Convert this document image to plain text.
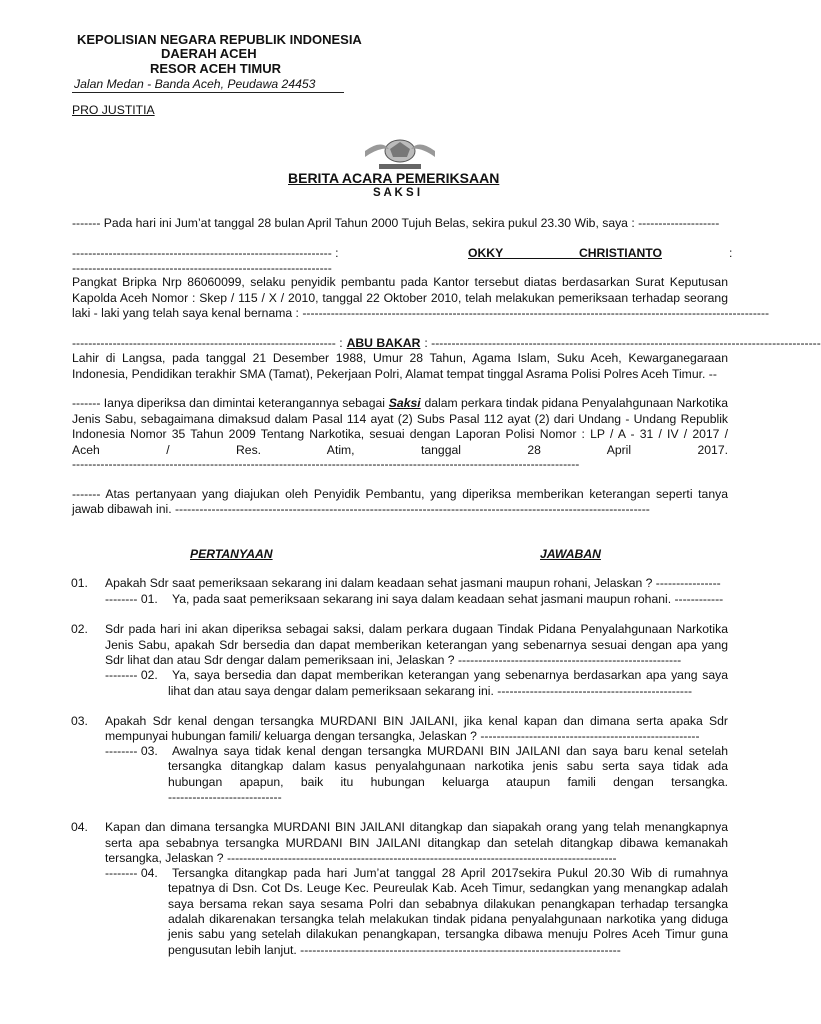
KEPOLISIAN NEGARA REPUBLIK INDONESIA
DAERAH ACEH
RESOR ACEH TIMUR
Jalan Medan - Banda Aceh, Peudawa 24453
PRO JUSTITIA
BERITA ACARA PEMERIKSAAN
S A K S I
------- Pada hari ini Jum’at tanggal 28 bulan April Tahun 2000 Tujuh Belas, sekira pukul 23.30 Wib, saya : --------------------
---------------------------------------------------------------- :	OKKY CHRISTIANTO	:
----------------------------------------------------------------
Pangkat Bripka Nrp 86060099, selaku penyidik pembantu pada Kantor tersebut diatas berdasarkan Surat Keputusan
Kapolda Aceh Nomor : Skep / 115 / X / 2010, tanggal 22 Oktober 2010, telah melakukan pemeriksaan terhadap seorang
laki - laki yang telah saya kenal bernama : -------------------------------------------------------------------------------------------------------------------
----------------------------------------------------------------- : ABU BAKAR : ------------------------------------------------------------------------------------------------
Lahir di Langsa, pada tanggal 21 Desember 1988, Umur 28 Tahun, Agama Islam, Suku Aceh, Kewarganegaraan
Indonesia, Pendidikan terakhir SMA (Tamat), Pekerjaan Polri, Alamat tempat tinggal Asrama Polisi Polres Aceh Timur. --
------- Ianya diperiksa dan dimintai keterangannya sebagai Saksi dalam perkara tindak pidana Penyalahgunaan Narkotika
Jenis Sabu, sebagaimana dimaksud dalam Pasal 114 ayat (2) Subs Pasal 112 ayat (2) dari Undang - Undang Republik
Indonesia Nomor 35 Tahun 2009 Tentang Narkotika, sesuai dengan Laporan Polisi Nomor : LP / A - 31 / IV / 2017 /
Aceh / Res. Atim, tanggal 28 April 2017.
-----------------------------------------------------------------------------------------------------------------------------
------- Atas pertanyaan yang diajukan oleh Penyidik Pembantu, yang diperiksa memberikan keterangan seperti tanya
jawab dibawah ini. ---------------------------------------------------------------------------------------------------------------------
PERTANYAAN	JAWABAN
01. Apakah Sdr saat pemeriksaan sekarang ini dalam keadaan sehat jasmani maupun rohani, Jelaskan ? ----------------
-------- 01. Ya, pada saat pemeriksaan sekarang ini saya dalam keadaan sehat jasmani maupun rohani. ------------
02. Sdr pada hari ini akan diperiksa sebagai saksi, dalam perkara dugaan Tindak Pidana Penyalahgunaan Narkotika
Jenis Sabu, apakah Sdr bersedia dan dapat memberikan keterangan yang sebenarnya sesuai dengan apa yang
Sdr lihat dan atau Sdr dengar dalam pemeriksaan ini, Jelaskan ? -------------------------------------------------------
-------- 02. Ya, saya bersedia dan dapat memberikan keterangan yang sebenarnya berdasarkan apa yang saya
lihat dan atau saya dengar dalam pemeriksaan sekarang ini. ------------------------------------------------
03. Apakah Sdr kenal dengan tersangka MURDANI BIN JAILANI, jika kenal kapan dan dimana serta apaka Sdr
mempunyai hubungan famili/ keluarga dengan tersangka, Jelaskan ? ------------------------------------------------------
-------- 03. Awalnya saya tidak kenal dengan tersangka MURDANI BIN JAILANI dan saya baru kenal setelah
tersangka ditangkap dalam kasus penyalahgunaan narkotika jenis sabu serta saya tidak ada
hubungan apapun, baik itu hubungan keluarga ataupun famili dengan tersangka.
----------------------------
04. Kapan dan dimana tersangka MURDANI BIN JAILANI ditangkap dan siapakah orang yang telah menangkapnya
serta apa sebabnya tersangka MURDANI BIN JAILANI ditangkap dan setelah ditangkap dibawa kemanakah
tersangka, Jelaskan ? ------------------------------------------------------------------------------------------------
-------- 04. Tersangka ditangkap pada hari Jum’at tanggal 28 April 2017sekira Pukul 20.30 Wib di rumahnya
tepatnya di Dsn. Cot Ds. Leuge Kec. Peureulak Kab. Aceh Timur, sedangkan yang menangkap adalah
saya bersama rekan saya sesama Polri dan sebabnya dilakukan penangkapan terhadap tersangka
adalah dikarenakan tersangka telah melakukan tindak pidana penyalahgunaan narkotika yang diduga
jenis sabu yang setelah dilakukan penangkapan, tersangka dibawa menuju Polres Aceh Timur guna
pengusutan lebih lanjut. -------------------------------------------------------------------------------
